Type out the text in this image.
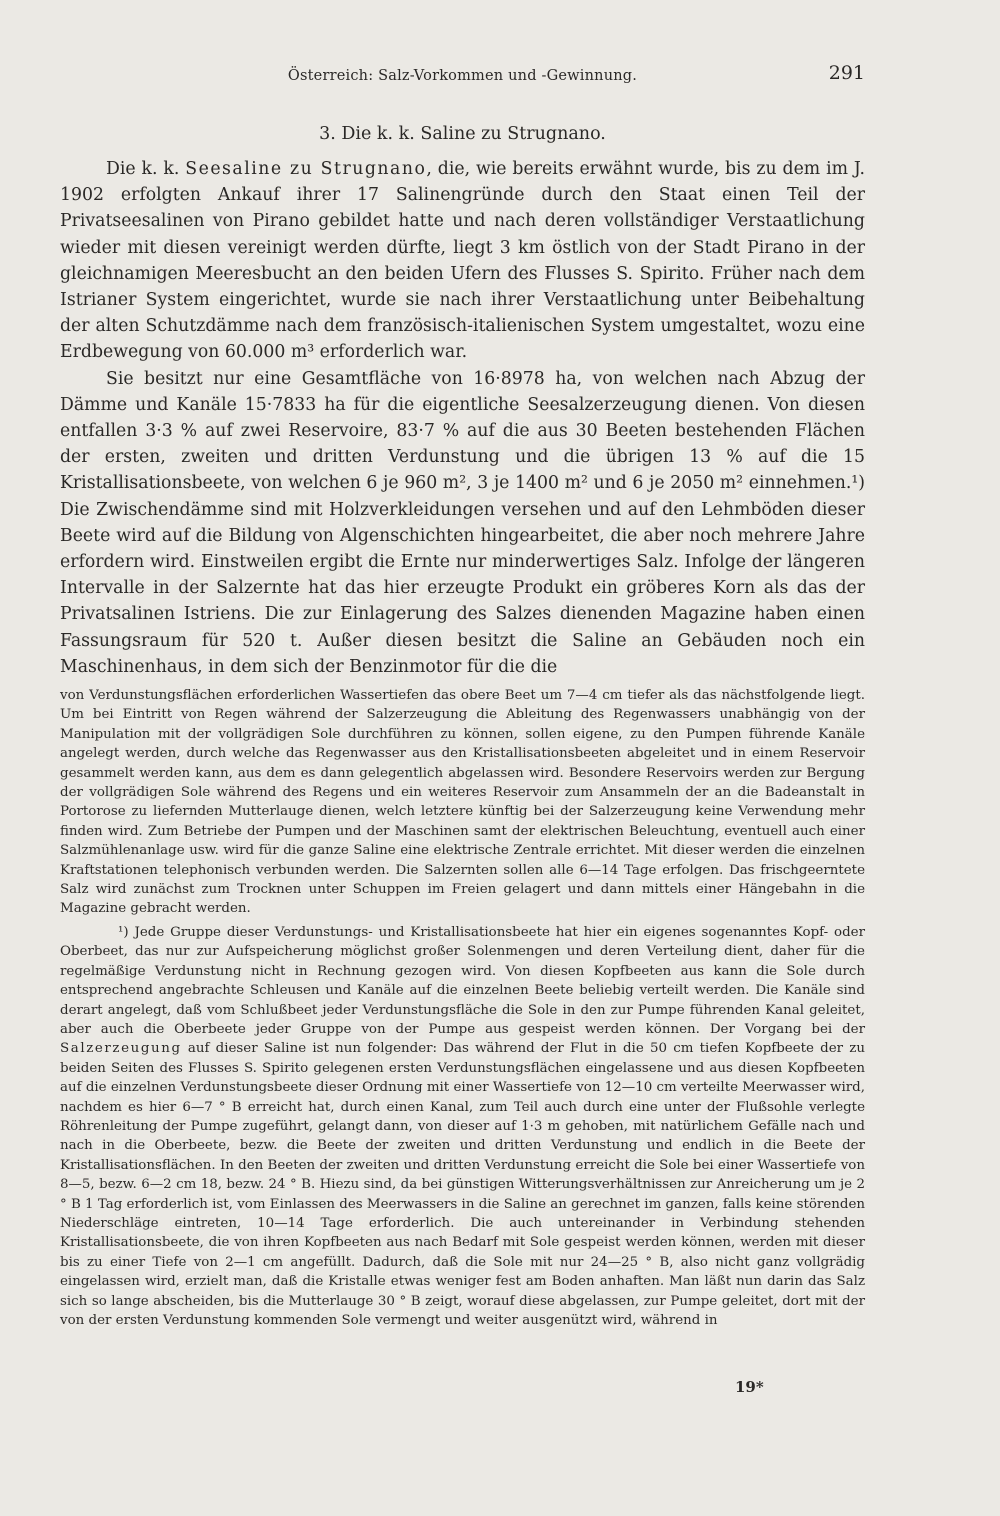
Österreich: Salz-Vorkommen und -Gewinnung.	291
3. Die k. k. Saline zu Strugnano.

Die k. k. Seesaline zu Strugnano, die, wie bereits erwähnt wurde, bis zu dem im J. 1902 erfolgten Ankauf ihrer 17 Salinengründe durch den Staat einen Teil der Privatseesalinen von Pirano gebildet hatte und nach deren vollständiger Verstaatlichung wieder mit diesen vereinigt werden dürfte, liegt 3 km östlich von der Stadt Pirano in der gleichnamigen Meeresbucht an den beiden Ufern des Flusses S. Spirito. Früher nach dem Istrianer System eingerichtet, wurde sie nach ihrer Verstaatlichung unter Beibehaltung der alten Schutzdämme nach dem französisch-italienischen System umgestaltet, wozu eine Erdbewegung von 60.000 m³ erforderlich war.

Sie besitzt nur eine Gesamtfläche von 16·8978 ha, von welchen nach Abzug der Dämme und Kanäle 15·7833 ha für die eigentliche Seesalzerzeugung dienen. Von diesen entfallen 3·3 % auf zwei Reservoire, 83·7 % auf die aus 30 Beeten bestehenden Flächen der ersten, zweiten und dritten Verdunstung und die übrigen 13 % auf die 15 Kristallisationsbeete, von welchen 6 je 960 m², 3 je 1400 m² und 6 je 2050 m² einnehmen.¹) Die Zwischendämme sind mit Holzverkleidungen versehen und auf den Lehmböden dieser Beete wird auf die Bildung von Algenschichten hingearbeitet, die aber noch mehrere Jahre erfordern wird. Einstweilen ergibt die Ernte nur minderwertiges Salz. Infolge der längeren Intervalle in der Salzernte hat das hier erzeugte Produkt ein gröberes Korn als das der Privatsalinen Istriens. Die zur Einlagerung des Salzes dienenden Magazine haben einen Fassungsraum für 520 t. Außer diesen besitzt die Saline an Gebäuden noch ein Maschinenhaus, in dem sich der Benzinmotor für die die

von Verdunstungsflächen erforderlichen Wassertiefen das obere Beet um 7—4 cm tiefer als das nächstfolgende liegt. Um bei Eintritt von Regen während der Salzerzeugung die Ableitung des Regenwassers unabhängig von der Manipulation mit der vollgrädigen Sole durchführen zu können, sollen eigene, zu den Pumpen führende Kanäle angelegt werden, durch welche das Regenwasser aus den Kristallisationsbeeten abgeleitet und in einem Reservoir gesammelt werden kann, aus dem es dann gelegentlich abgelassen wird. Besondere Reservoirs werden zur Bergung der vollgrädigen Sole während des Regens und ein weiteres Reservoir zum Ansammeln der an die Badeanstalt in Portorose zu liefernden Mutterlauge dienen, welch letztere künftig bei der Salzerzeugung keine Verwendung mehr finden wird. Zum Betriebe der Pumpen und der Maschinen samt der elektrischen Beleuchtung, eventuell auch einer Salzmühlenanlage usw. wird für die ganze Saline eine elektrische Zentrale errichtet. Mit dieser werden die einzelnen Kraftstationen telephonisch verbunden werden. Die Salzernten sollen alle 6—14 Tage erfolgen. Das frischgeerntete Salz wird zunächst zum Trocknen unter Schuppen im Freien gelagert und dann mittels einer Hängebahn in die Magazine gebracht werden.

¹) Jede Gruppe dieser Verdunstungs- und Kristallisationsbeete hat hier ein eigenes sogenanntes Kopf- oder Oberbeet, das nur zur Aufspeicherung möglichst großer Solenmengen und deren Verteilung dient, daher für die regelmäßige Verdunstung nicht in Rechnung gezogen wird. Von diesen Kopfbeeten aus kann die Sole durch entsprechend angebrachte Schleusen und Kanäle auf die einzelnen Beete beliebig verteilt werden. Die Kanäle sind derart angelegt, daß vom Schlußbeet jeder Verdunstungsfläche die Sole in den zur Pumpe führenden Kanal geleitet, aber auch die Oberbeete jeder Gruppe von der Pumpe aus gespeist werden können. Der Vorgang bei der Salzerzeugung auf dieser Saline ist nun folgender: Das während der Flut in die 50 cm tiefen Kopfbeete der zu beiden Seiten des Flusses S. Spirito gelegenen ersten Verdunstungsflächen eingelassene und aus diesen Kopfbeeten auf die einzelnen Verdunstungsbeete dieser Ordnung mit einer Wassertiefe von 12—10 cm verteilte Meerwasser wird, nachdem es hier 6—7 ° B erreicht hat, durch einen Kanal, zum Teil auch durch eine unter der Flußsohle verlegte Röhrenleitung der Pumpe zugeführt, gelangt dann, von dieser auf 1·3 m gehoben, mit natürlichem Gefälle nach und nach in die Oberbeete, bezw. die Beete der zweiten und dritten Verdunstung und endlich in die Beete der Kristallisationsflächen. In den Beeten der zweiten und dritten Verdunstung erreicht die Sole bei einer Wassertiefe von 8—5, bezw. 6—2 cm 18, bezw. 24 ° B. Hiezu sind, da bei günstigen Witterungsverhältnissen zur Anreicherung um je 2 ° B 1 Tag erforderlich ist, vom Einlassen des Meerwassers in die Saline an gerechnet im ganzen, falls keine störenden Niederschläge eintreten, 10—14 Tage erforderlich. Die auch untereinander in Verbindung stehenden Kristallisationsbeete, die von ihren Kopfbeeten aus nach Bedarf mit Sole gespeist werden können, werden mit dieser bis zu einer Tiefe von 2—1 cm angefüllt. Dadurch, daß die Sole mit nur 24—25 ° B, also nicht ganz vollgrädig eingelassen wird, erzielt man, daß die Kristalle etwas weniger fest am Boden anhaften. Man läßt nun darin das Salz sich so lange abscheiden, bis die Mutterlauge 30 ° B zeigt, worauf diese abgelassen, zur Pumpe geleitet, dort mit der von der ersten Verdunstung kommenden Sole vermengt und weiter ausgenützt wird, während in

19*
